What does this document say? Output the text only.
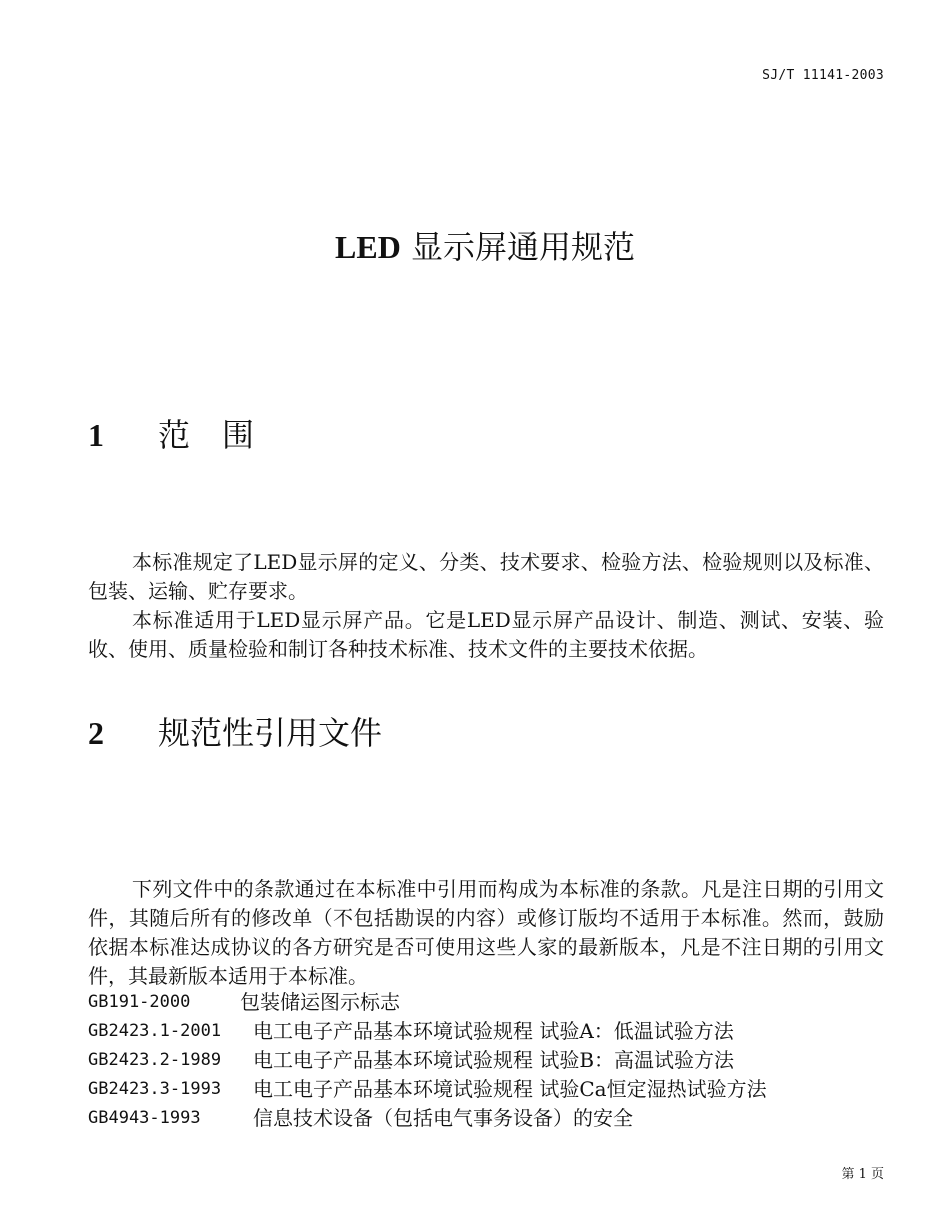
SJ/T 11141-2003
LED 显示屏通用规范
1 范　围

本标准规定了LED显示屏的定义、分类、技术要求、检验方法、检验规则以及标准、包装、运输、贮存要求。

本标准适用于LED显示屏产品。它是LED显示屏产品设计、制造、测试、安装、验收、使用、质量检验和制订各种技术标准、技术文件的主要技术依据。

2 规范性引用文件

下列文件中的条款通过在本标准中引用而构成为本标准的条款。凡是注日期的引用文件，其随后所有的修改单（不包括勘误的内容）或修订版均不适用于本标准。然而，鼓励依据本标准达成协议的各方研究是否可使用这些人家的最新版本，凡是不注日期的引用文件，其最新版本适用于本标准。

GB191-2000	包装储运图示标志
GB2423.1-2001	电工电子产品基本环境试验规程 试验A：低温试验方法
GB2423.2-1989	电工电子产品基本环境试验规程 试验B：高温试验方法
GB2423.3-1993	电工电子产品基本环境试验规程 试验Ca恒定湿热试验方法
GB4943-1993	信息技术设备（包括电气事务设备）的安全
第 1 页
